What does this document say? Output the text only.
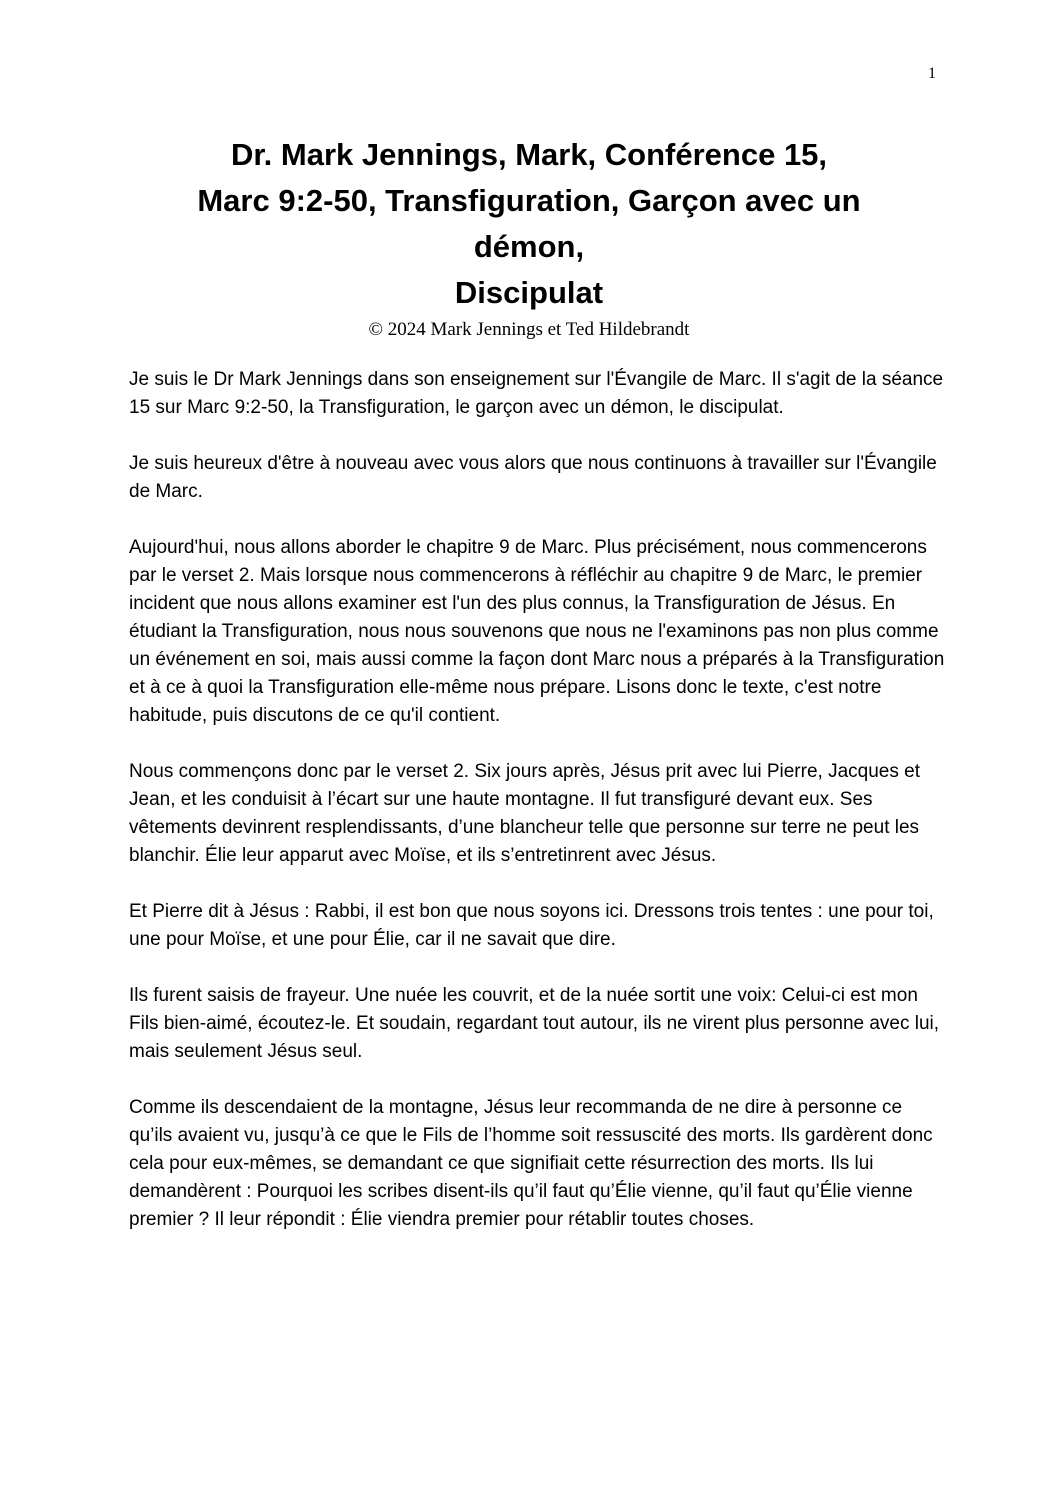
1
Dr. Mark Jennings, Mark, Conférence 15,
Marc 9:2-50, Transfiguration, Garçon avec un
démon,
Discipulat
© 2024 Mark Jennings et Ted Hildebrandt

Je suis le Dr Mark Jennings dans son enseignement sur l'Évangile de Marc. Il s'agit de la séance 15 sur Marc 9:2-50, la Transfiguration, le garçon avec un démon, le discipulat.

Je suis heureux d'être à nouveau avec vous alors que nous continuons à travailler sur l'Évangile de Marc.

Aujourd'hui, nous allons aborder le chapitre 9 de Marc. Plus précisément, nous commencerons par le verset 2. Mais lorsque nous commencerons à réfléchir au chapitre 9 de Marc, le premier incident que nous allons examiner est l'un des plus connus, la Transfiguration de Jésus. En étudiant la Transfiguration, nous nous souvenons que nous ne l'examinons pas non plus comme un événement en soi, mais aussi comme la façon dont Marc nous a préparés à la Transfiguration et à ce à quoi la Transfiguration elle-même nous prépare. Lisons donc le texte, c'est notre habitude, puis discutons de ce qu'il contient.

Nous commençons donc par le verset 2. Six jours après, Jésus prit avec lui Pierre, Jacques et Jean, et les conduisit à l’écart sur une haute montagne. Il fut transfiguré devant eux. Ses vêtements devinrent resplendissants, d’une blancheur telle que personne sur terre ne peut les blanchir. Élie leur apparut avec Moïse, et ils s’entretinrent avec Jésus.

Et Pierre dit à Jésus : Rabbi, il est bon que nous soyons ici. Dressons trois tentes : une pour toi, une pour Moïse, et une pour Élie, car il ne savait que dire.

Ils furent saisis de frayeur. Une nuée les couvrit, et de la nuée sortit une voix: Celui-ci est mon Fils bien-aimé, écoutez-le. Et soudain, regardant tout autour, ils ne virent plus personne avec lui, mais seulement Jésus seul.

Comme ils descendaient de la montagne, Jésus leur recommanda de ne dire à personne ce qu’ils avaient vu, jusqu’à ce que le Fils de l’homme soit ressuscité des morts. Ils gardèrent donc cela pour eux-mêmes, se demandant ce que signifiait cette résurrection des morts. Ils lui demandèrent : Pourquoi les scribes disent-ils qu’il faut qu’Élie vienne, qu’il faut qu’Élie vienne premier ? Il leur répondit : Élie viendra premier pour rétablir toutes choses.
